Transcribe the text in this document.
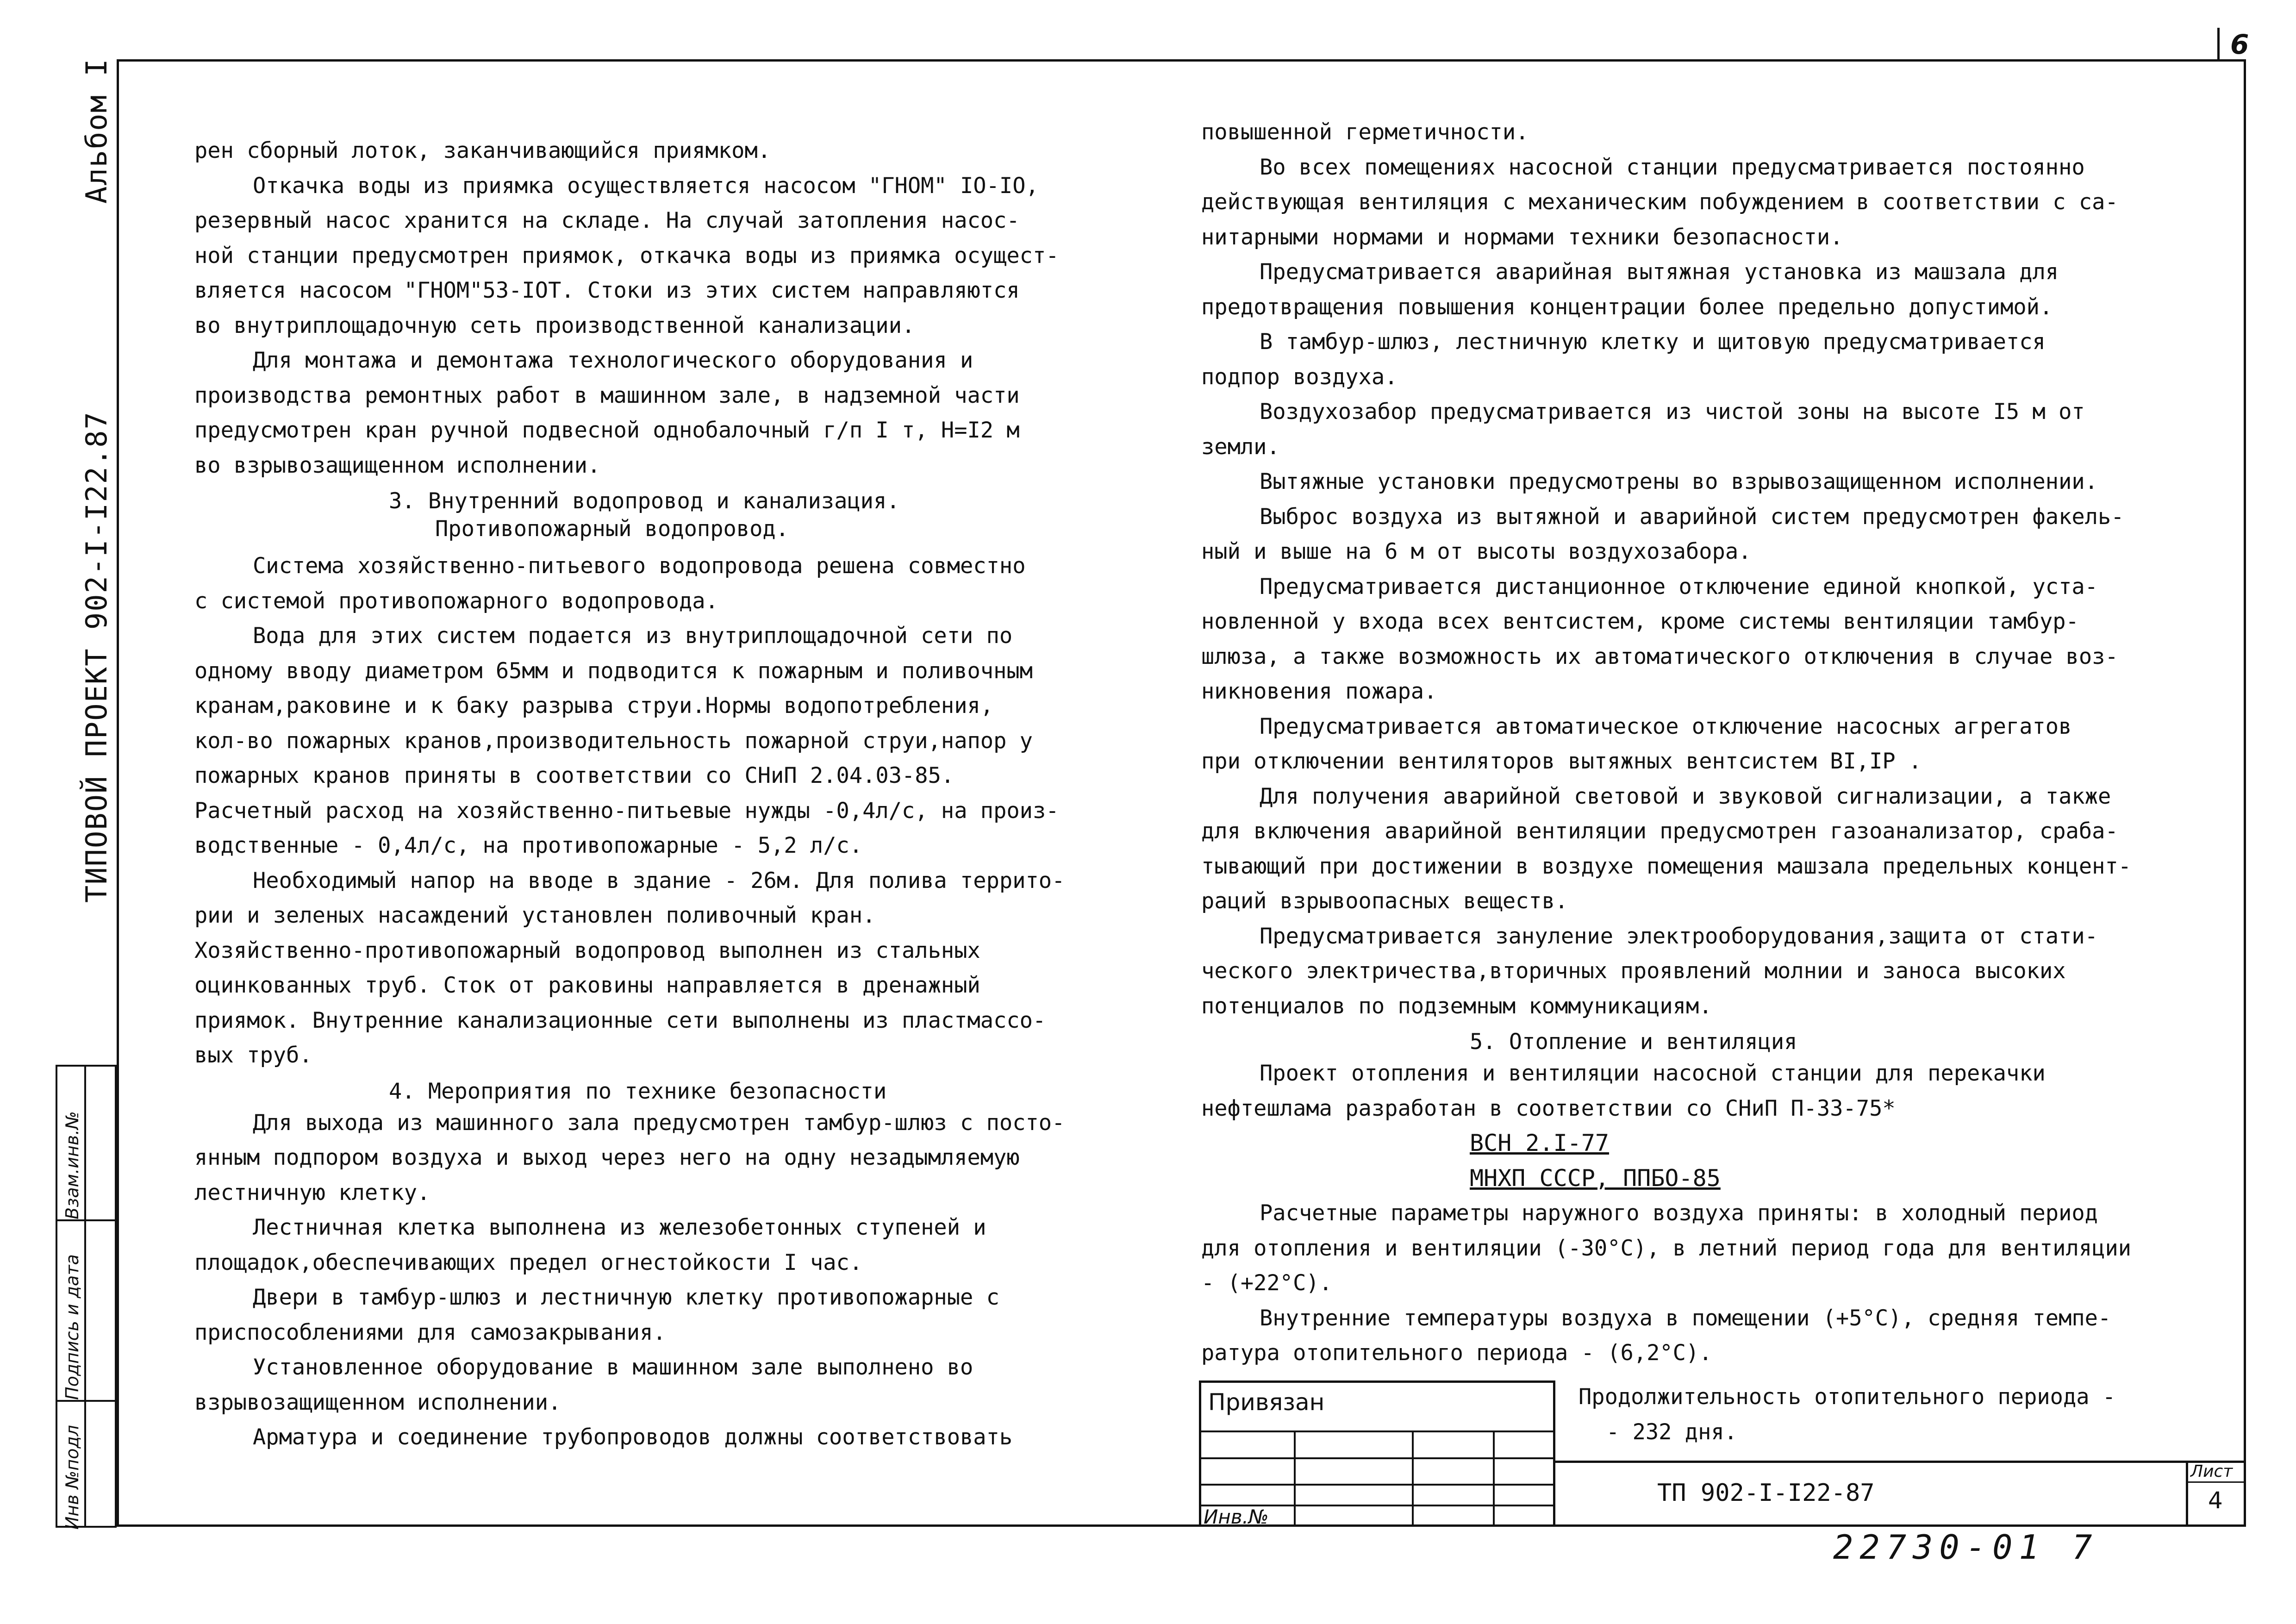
6
Альбом I
ТИПОВОЙ ПРОЕКТ 902-I-I22.87
Инв №подл
Подпись и дата
Взам.инв.№

рен сборный лоток, заканчивающийся приямком.

Откачка воды из приямка осуществляется насосом "ГНОМ" IO-IO,

резервный насос хранится на складе. На случай затопления насос-

ной станции предусмотрен приямок, откачка воды из приямка осущест-

вляется насосом "ГНОМ"53-IOТ. Стоки из этих систем направляются

во внутриплощадочную сеть производственной канализации.

Для монтажа и демонтажа технологического оборудования и

производства ремонтных работ в машинном зале, в надземной части

предусмотрен кран ручной подвесной однобалочный г/п I т, Н=I2 м

во взрывозащищенном исполнении.

3. Внутренний водопровод и канализация.

Противопожарный водопровод.

Система хозяйственно-питьевого водопровода решена совместно

с системой противопожарного водопровода.

Вода для этих систем подается из внутриплощадочной сети по

одному вводу диаметром 65мм и подводится к пожарным и поливочным

кранам,раковине и к баку разрыва струи.Нормы водопотребления,

кол-во пожарных кранов,производительность пожарной струи,напор у

пожарных кранов приняты в соответствии со СНиП 2.04.03-85.

Расчетный расход на хозяйственно-питьевые нужды -0,4л/с, на произ-

водственные - 0,4л/с, на противопожарные - 5,2 л/с.

Необходимый напор на вводе в здание - 26м. Для полива террито-

рии и зеленых насаждений установлен поливочный кран.

Хозяйственно-противопожарный водопровод выполнен из стальных

оцинкованных труб. Сток от раковины направляется в дренажный

приямок. Внутренние канализационные сети выполнены из пластмассо-

вых труб.

4. Мероприятия по технике безопасности

Для выхода из машинного зала предусмотрен тамбур-шлюз с посто-

янным подпором воздуха и выход через него на одну незадымляемую

лестничную клетку.

Лестничная клетка выполнена из железобетонных ступеней и

площадок,обеспечивающих предел огнестойкости I час.

Двери в тамбур-шлюз и лестничную клетку противопожарные с

приспособлениями для самозакрывания.

Установленное оборудование в машинном зале выполнено во

взрывозащищенном исполнении.

Арматура и соединение трубопроводов должны соответствовать

повышенной герметичности.

Во всех помещениях насосной станции предусматривается постоянно

действующая вентиляция с механическим побуждением в соответствии с са-

нитарными нормами и нормами техники безопасности.

Предусматривается аварийная вытяжная установка из машзала для

предотвращения повышения концентрации более предельно допустимой.

В тамбур-шлюз, лестничную клетку и щитовую предусматривается

подпор воздуха.

Воздухозабор предусматривается из чистой зоны на высоте I5 м от

земли.

Вытяжные установки предусмотрены во взрывозащищенном исполнении.

Выброс воздуха из вытяжной и аварийной систем предусмотрен факель-

ный и выше на 6 м от высоты воздухозабора.

Предусматривается дистанционное отключение единой кнопкой, уста-

новленной у входа всех вентсистем, кроме системы вентиляции тамбур-

шлюза, а также возможность их автоматического отключения в случае воз-

никновения пожара.

Предусматривается автоматическое отключение насосных агрегатов

при отключении вентиляторов вытяжных вентсистем BI,IP .

Для получения аварийной световой и звуковой сигнализации, а также

для включения аварийной вентиляции предусмотрен газоанализатор, сраба-

тывающий при достижении в воздухе помещения машзала предельных концент-

раций взрывоопасных веществ.

Предусматривается зануление электрооборудования,защита от стати-

ческого электричества,вторичных проявлений молнии и заноса высоких

потенциалов по подземным коммуникациям.

5. Отопление и вентиляция

Проект отопления и вентиляции насосной станции для перекачки

нефтешлама разработан в соответствии со СНиП П-33-75*

ВСН 2.I-77

МНХП СССР, ППБО-85

Расчетные параметры наружного воздуха приняты: в холодный период

для отопления и вентиляции (-30°С), в летний период года для вентиляции

- (+22°С).

Внутренние температуры воздуха в помещении (+5°С), средняя темпе-

ратура отопительного периода - (6,2°С).

Продолжительность отопительного периода -

- 232 дня.

Привязан
Инв.№
ТП 902-I-I22-87
Лист
4
22730-01 7
